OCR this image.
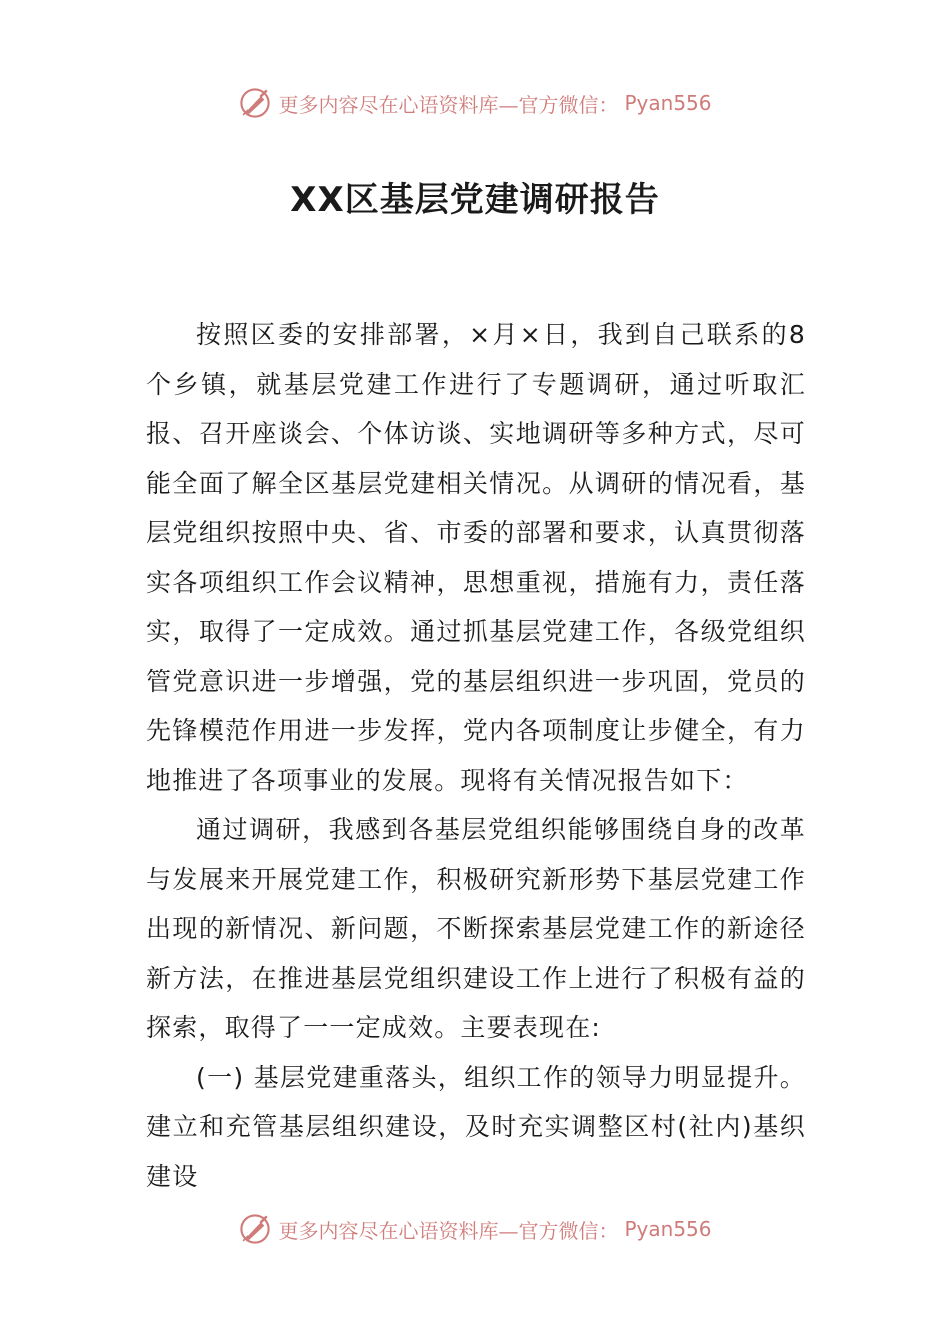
更多内容尽在心语资料库—官方微信： Pyan556
XX区基层党建调研报告

按照区委的安排部署，×月×日，我到自己联系的8个乡镇，就基层党建工作进行了专题调研，通过听取汇报、召开座谈会、个体访谈、实地调研等多种方式，尽可能全面了解全区基层党建相关情况。从调研的情况看，基层党组织按照中央、省、市委的部署和要求，认真贯彻落实各项组织工作会议精神，思想重视，措施有力，责任落实，取得了一定成效。通过抓基层党建工作，各级党组织管党意识进一步增强，党的基层组织进一步巩固，党员的先锋模范作用进一步发挥，党内各项制度让步健全，有力地推进了各项事业的发展。现将有关情况报告如下：

通过调研，我感到各基层党组织能够围绕自身的改革与发展来开展党建工作，积极研究新形势下基层党建工作出现的新情况、新问题，不断探索基层党建工作的新途径新方法，在推进基层党组织建设工作上进行了积极有益的探索，取得了一一定成效。主要表现在:

(一) 基层党建重落头，组织工作的领导力明显提升。建立和充管基层组织建设，及时充实调整区村(社内)基织建设

更多内容尽在心语资料库—官方微信： Pyan556
